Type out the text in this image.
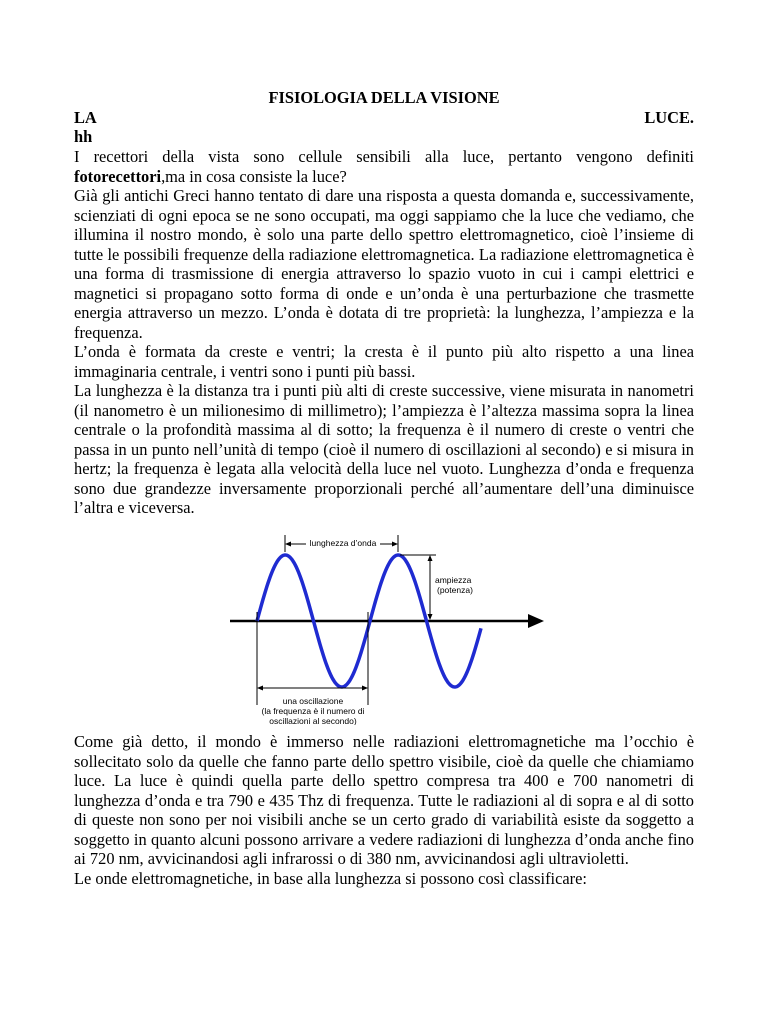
FISIOLOGIA DELLA VISIONE
LA	LUCE.
hh

I recettori della vista sono cellule sensibili alla luce, pertanto vengono definiti fotorecettori,ma in cosa consiste la luce?

Già gli antichi Greci hanno tentato di dare una risposta a questa domanda e, successivamente, scienziati di ogni epoca se ne sono occupati, ma oggi sappiamo che la luce che vediamo, che illumina il nostro mondo, è solo una parte dello spettro elettromagnetico, cioè l’insieme di tutte le possibili frequenze della radiazione elettromagnetica. La radiazione elettromagnetica è una forma di trasmissione di energia attraverso lo spazio vuoto in cui i campi elettrici e magnetici si propagano sotto forma di onde e un’onda è una perturbazione che trasmette energia attraverso un mezzo. L’onda è dotata di tre proprietà: la lunghezza, l’ampiezza e la frequenza.

L’onda è formata da creste e ventri; la cresta è il punto più alto rispetto a una linea immaginaria centrale, i ventri sono i punti più bassi.

La lunghezza è la distanza tra i punti più alti di creste successive, viene misurata in nanometri (il nanometro è un milionesimo di millimetro); l’ampiezza è l’altezza massima sopra la linea centrale o la profondità massima al di sotto; la frequenza è il numero di creste o ventri che passa in un punto nell’unità di tempo (cioè il numero di oscillazioni al secondo) e si misura in hertz; la frequenza è legata alla velocità della luce nel vuoto. Lunghezza d’onda e frequenza sono due grandezze inversamente proporzionali perché all’aumentare dell’una diminuisce l’altra e viceversa.

lunghezza d’onda
ampiezza
(potenza)
una oscillazione
(la frequenza è il numero di
oscillazioni al secondo)

Come già detto, il mondo è immerso nelle radiazioni elettromagnetiche ma l’occhio è sollecitato solo da quelle che fanno parte dello spettro visibile, cioè da quelle che chiamiamo luce. La luce è quindi quella parte dello spettro compresa tra 400 e 700 nanometri di lunghezza d’onda e tra 790 e 435 Thz di frequenza. Tutte le radiazioni al di sopra e al di sotto di queste non sono per noi visibili anche se un certo grado di variabilità esiste da soggetto a soggetto in quanto alcuni possono arrivare a vedere radiazioni di lunghezza d’onda anche fino ai 720 nm, avvicinandosi agli infrarossi o di 380 nm, avvicinandosi agli ultravioletti.

Le onde elettromagnetiche, in base alla lunghezza si possono così classificare:
